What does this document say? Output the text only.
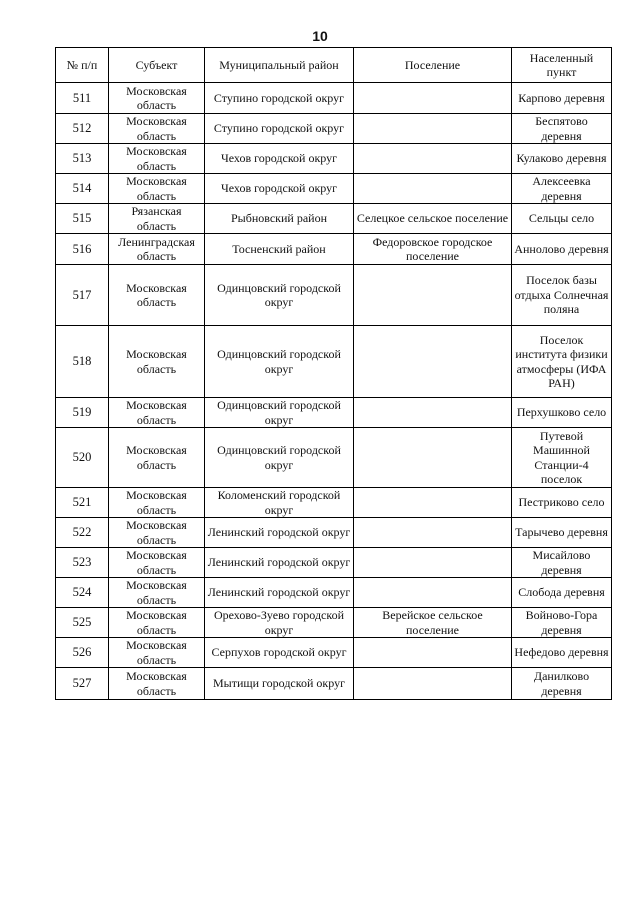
10
№ п/п	Субъект	Муниципальный район	Поселение	Населенный пункт
511	Московская область	Ступино городской округ		Карпово деревня
512	Московская область	Ступино городской округ		Беспятово деревня
513	Московская область	Чехов городской округ		Кулаково деревня
514	Московская область	Чехов городской округ		Алексеевка деревня
515	Рязанская область	Рыбновский район	Селецкое сельское поселение	Сельцы село
516	Ленинградская область	Тосненский район	Федоровское городское поселение	Аннолово деревня
517	Московская область	Одинцовский городской округ		Поселок базы отдыха Солнечная поляна
518	Московская область	Одинцовский городской округ		Поселок института физики атмосферы (ИФА РАН)
519	Московская область	Одинцовский городской округ		Перхушково село
520	Московская область	Одинцовский городской округ		Путевой Машинной Станции-4 поселок
521	Московская область	Коломенский городской округ		Пестриково село
522	Московская область	Ленинский городской округ		Тарычево деревня
523	Московская область	Ленинский городской округ		Мисайлово деревня
524	Московская область	Ленинский городской округ		Слобода деревня
525	Московская область	Орехово-Зуево городской округ	Верейское сельское поселение	Войново-Гора деревня
526	Московская область	Серпухов городской округ		Нефедово деревня
527	Московская область	Мытищи городской округ		Данилково деревня
